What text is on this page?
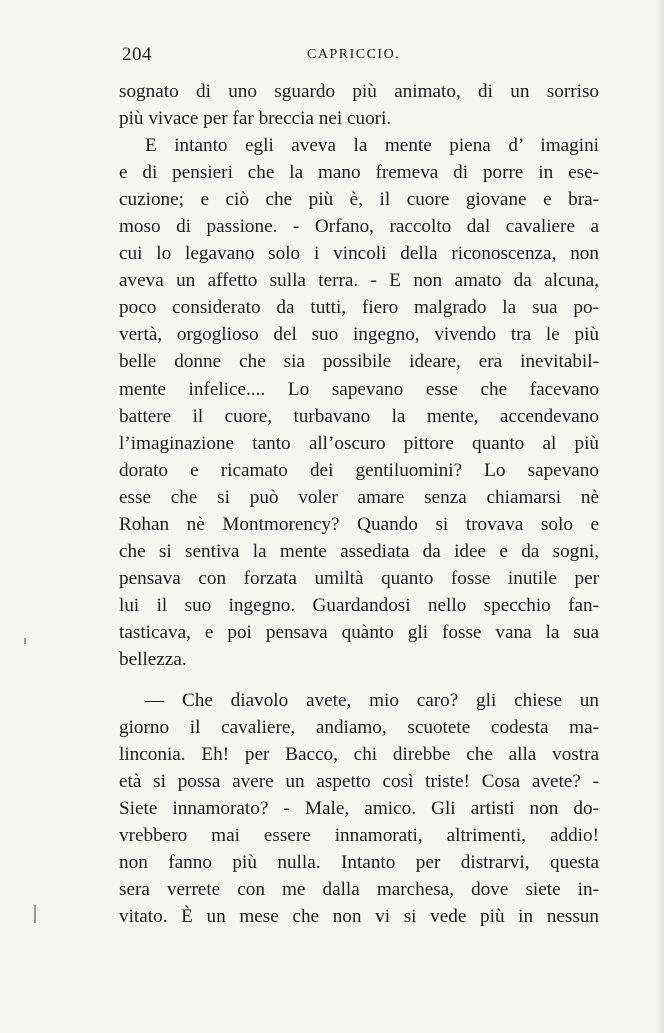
204	CAPRICCIO.
sognato di uno sguardo più animato, di un sorriso
più vivace per far breccia nei cuori.
E intanto egli aveva la mente piena d’ imagini
e di pensieri che la mano fremeva di porre in ese-
cuzione; e ciò che più è, il cuore giovane e bra-
moso di passione. - Orfano, raccolto dal cavaliere a
cui lo legavano solo i vincoli della riconoscenza, non
aveva un affetto sulla terra. - E non amato da alcuna,
poco considerato da tutti, fiero malgrado la sua po-
vertà, orgoglioso del suo ingegno, vivendo tra le più
belle donne che sia possibile ideare, era inevitabil-
mente infelice.... Lo sapevano esse che facevano
battere il cuore, turbavano la mente, accendevano
l’imaginazione tanto all’oscuro pittore quanto al più
dorato e ricamato dei gentiluomini? Lo sapevano
esse che si può voler amare senza chiamarsi nè
Rohan nè Montmorency? Quando si trovava solo e
che si sentiva la mente assediata da idee e da sogni,
pensava con forzata umiltà quanto fosse inutile per
lui il suo ingegno. Guardandosi nello specchio fan-
tasticava, e poi pensava quànto gli fosse vana la sua
bellezza.
— Che diavolo avete, mio caro? gli chiese un
giorno il cavaliere, andiamo, scuotete codesta ma-
linconia. Eh! per Bacco, chi direbbe che alla vostra
età si possa avere un aspetto così triste! Cosa avete? -
Siete innamorato? - Male, amico. Gli artisti non do-
vrebbero mai essere innamorati, altrimenti, addio!
non fanno più nulla. Intanto per distrarvi, questa
sera verrete con me dalla marchesa, dove siete in-
vitato. È un mese che non vi si vede più in nessun
